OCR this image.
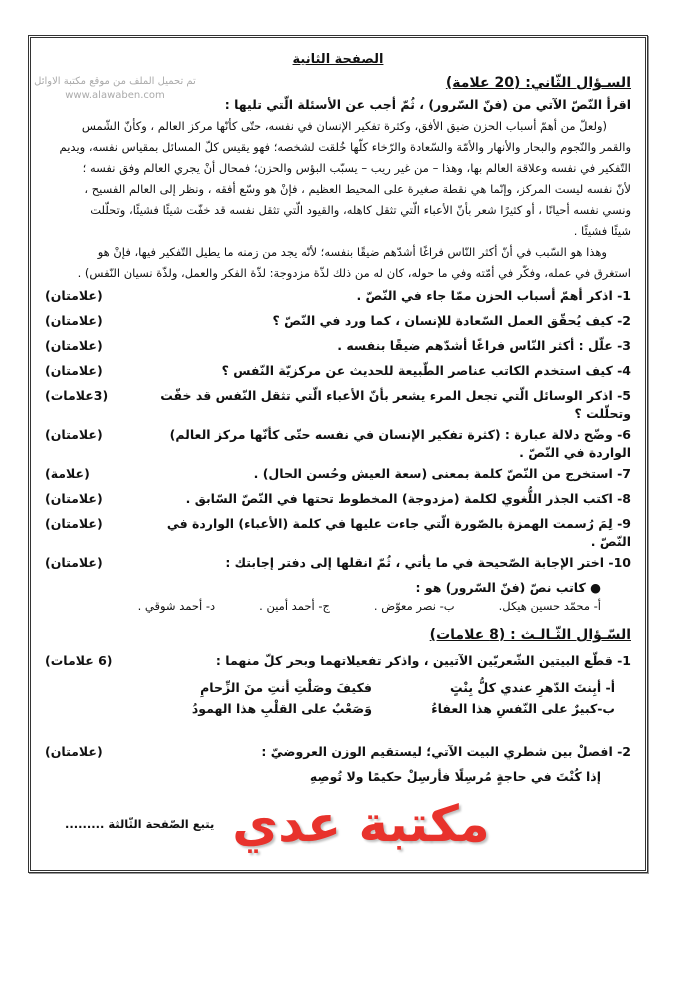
تم تحميل الملف من موقع مكتبة الاوائل
www.alawaben.com
الصفحة الثانية
السـؤال الثّاني: (20 علامة)
اقرأ النّصّ الآتي من (فنّ السّرور) ، ثُمّ أجب عن الأسئلة الّتي تليها :

(ولعلّ من أهمّ أسباب الحزن ضيق الأفق، وكثرة تفكير الإنسان في نفسه، حتّى كأنّها مركز العالم ، وكأنّ الشّمس

والقمر والنّجوم والبحار والأنهار والأمّة والسّعادة والرّخاء كلّها خُلقت لشخصه؛ فهو يقيس كلّ المسائل بمقياس نفسه، ويديم

التّفكير في نفسه وعلاقة العالم بها، وهذا – من غير ريب – يسبّب البؤس والحزن؛ فمحال أنْ يجري العالم وفق نفسه ؛

لأنّ نفسه ليست المركز، وإنّما هي نقطة صغيرة على المحيط العظيم ، فإنْ هو وسّع أفقه ، ونظر إلى العالم الفسيح ،

ونسي نفسه أحيانًا ، أو كثيرًا شعر بأنّ الأعباء الّتي تثقل كاهله، والقيود الّتي تثقل نفسه قد خفّت شيئًا فشيئًا، وتحلّلت

شيئًا فشيئًا .

وهذا هو السّبب في أنّ أكثر النّاس فراغًا أشدّهم ضيقًا بنفسه؛ لأنّه يجد من زمنه ما يطيل التّفكير فيها، فإنْ هو

استغرق في عمله، وفكّر في أمّته وفي ما حوله، كان له من ذلك لذّة مزدوجة: لذّة الفكر والعمل، ولذّة نسيان النّفس) .

1- اذكر أهمّ أسباب الحزن ممّا جاء في النّصّ .
(علامتان)
2- كيف يُحقّق العمل السّعادة للإنسان ، كما ورد في النّصّ ؟
(علامتان)
3- علّل : أكثر النّاس فراغًا أشدّهم ضيقًا بنفسه .
(علامتان)
4- كيف استخدم الكاتب عناصر الطّبيعة للحديث عن مركزيّة النّفس ؟
(علامتان)
5- اذكر الوسائل الّتي تجعل المرء يشعر بأنّ الأعباء الّتي تثقل النّفس قد خفّت وتحلّلت ؟
(3علامات)
6- وضّح دلالة عبارة : (كثرة تفكير الإنسان في نفسه حتّى كأنّها مركز العالم) الواردة في النّصّ .
(علامتان)
7- استخرج من النّصّ كلمة بمعنى (سعة العيش وحُسن الحال) .
(علامة)
8- اكتب الجذر اللُّغوي لكلمة (مزدوجة) المخطوط تحتها في النّصّ السّابق .
(علامتان)
9- لِمَ رُسمت الهمزة بالصّورة الّتي جاءت عليها في كلمة (الأعباء) الواردة في النّصّ .
(علامتان)
10- اختر الإجابة الصّحيحة في ما يأتي ، ثُمّ انقلها إلى دفتر إجابتك :
(علامتان)
● كاتب نصّ (فنّ السّرور) هو :
أ- محمّد حسين هيكل.
ب- نصر معوّض .
ج- أحمد أمين .
د- أحمد شوقي .
السّـؤال الثّـالـث : (8 علامات)
1- قطّع البيتين الشّعريّين الآتيين ، واذكر تفعيلاتهما وبحر كلّ منهما :
(6 علامات)
أ- أبِنتَ الدّهرِ عندي كلُّ بِنْتٍ
فكيفَ وصَلْتِ أنتِ منَ الزِّحامِ
ب-كبيرٌ على النّفسِ هذا العفاءُ
وَصَعْبٌ على القلْبِ هذا الهمودُ
2- افصلْ بين شطري البيت الآتي؛ ليستقيم الوزن العروضيّ :
(علامتان)
إذا كُنْتَ في حاجةٍ مُرسِلًا فأرسِلْ حكيمًا ولا تُوصِهِ
يتبع الصّفحة الثّالثة ......... مكتبة عدي
